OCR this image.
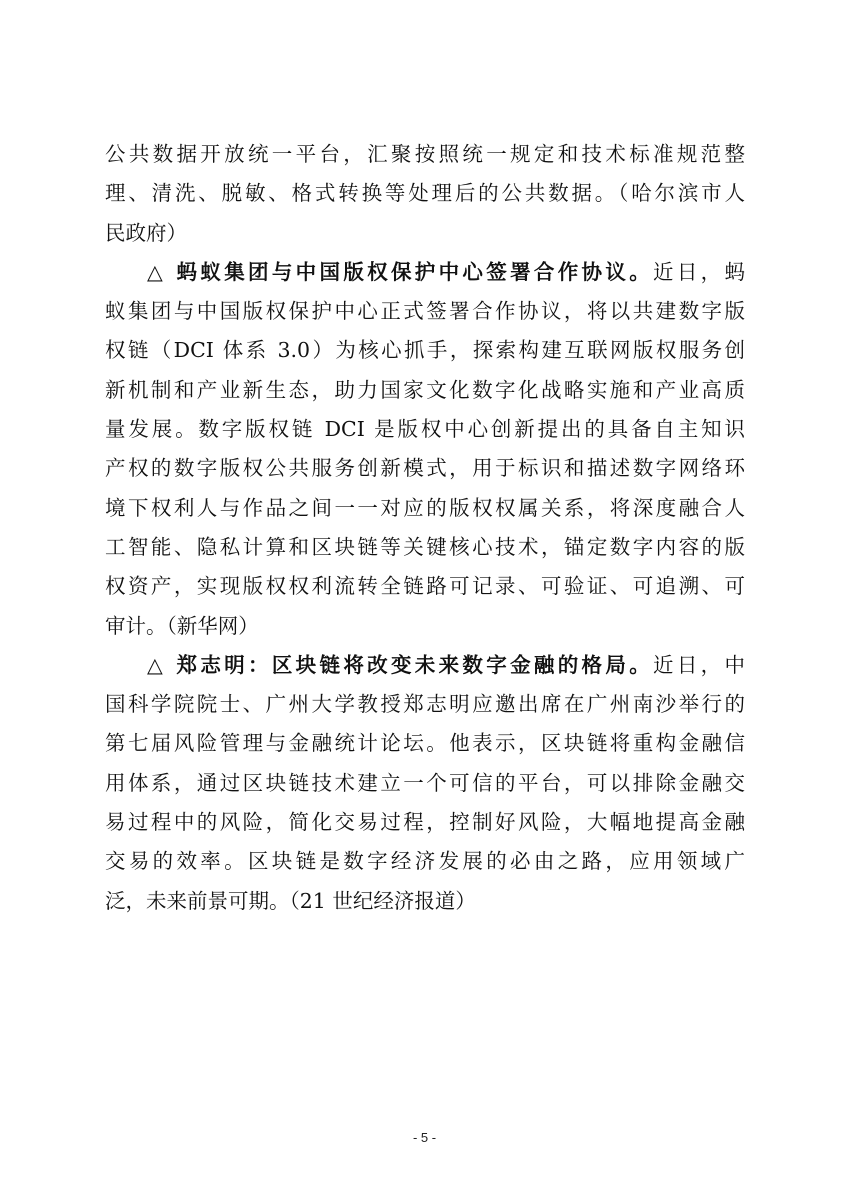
公共数据开放统一平台，汇聚按照统一规定和技术标准规范整
理、清洗、脱敏、格式转换等处理后的公共数据。（哈尔滨市人
民政府）
△ 蚂蚁集团与中国版权保护中心签署合作协议。近日，蚂
蚁集团与中国版权保护中心正式签署合作协议，将以共建数字版
权链（DCI 体系 3.0）为核心抓手，探索构建互联网版权服务创
新机制和产业新生态，助力国家文化数字化战略实施和产业高质
量发展。数字版权链 DCI 是版权中心创新提出的具备自主知识
产权的数字版权公共服务创新模式，用于标识和描述数字网络环
境下权利人与作品之间一一对应的版权权属关系，将深度融合人
工智能、隐私计算和区块链等关键核心技术，锚定数字内容的版
权资产，实现版权权利流转全链路可记录、可验证、可追溯、可
审计。（新华网）
△ 郑志明：区块链将改变未来数字金融的格局。近日，中
国科学院院士、广州大学教授郑志明应邀出席在广州南沙举行的
第七届风险管理与金融统计论坛。他表示，区块链将重构金融信
用体系，通过区块链技术建立一个可信的平台，可以排除金融交
易过程中的风险，简化交易过程，控制好风险，大幅地提高金融
交易的效率。区块链是数字经济发展的必由之路，应用领域广
泛，未来前景可期。（21 世纪经济报道）
- 5 -
